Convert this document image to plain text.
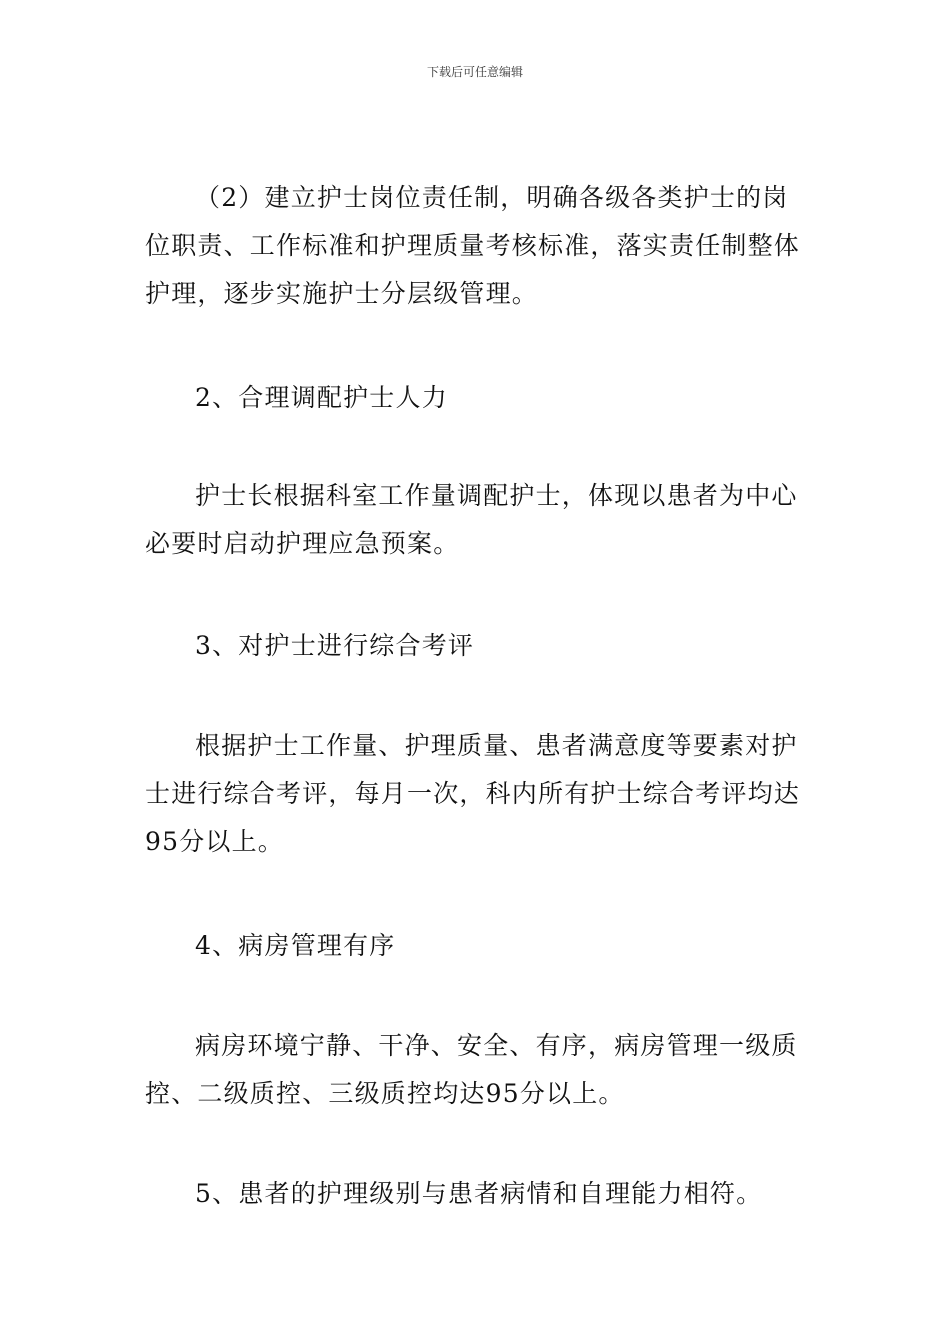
下载后可任意编辑

（2）建立护士岗位责任制，明确各级各类护士的岗位职责、工作标准和护理质量考核标准，落实责任制整体护理，逐步实施护士分层级管理。

2、合理调配护士人力

护士长根据科室工作量调配护士，体现以患者为中心必要时启动护理应急预案。

3、对护士进行综合考评

根据护士工作量、护理质量、患者满意度等要素对护士进行综合考评，每月一次，科内所有护士综合考评均达95分以上。

4、病房管理有序

病房环境宁静、干净、安全、有序，病房管理一级质控、二级质控、三级质控均达95分以上。

5、患者的护理级别与患者病情和自理能力相符。
